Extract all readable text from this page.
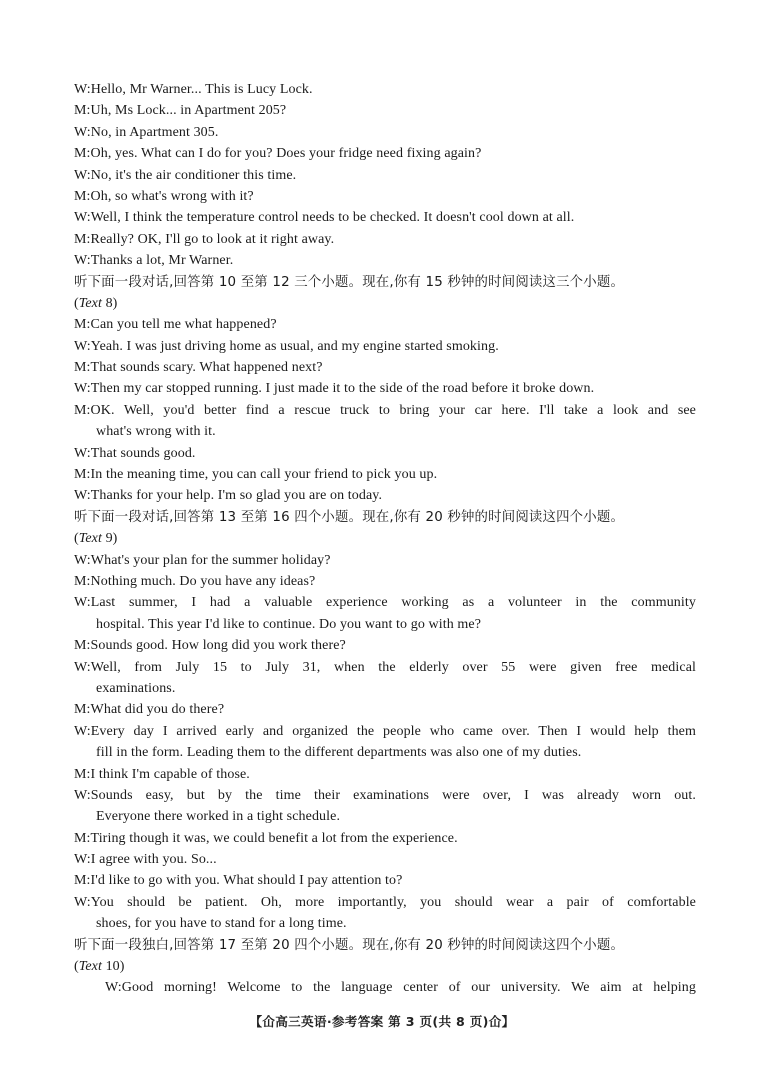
W:Hello, Mr Warner... This is Lucy Lock.
M:Uh, Ms Lock... in Apartment 205?
W:No, in Apartment 305.
M:Oh, yes. What can I do for you? Does your fridge need fixing again?
W:No, it's the air conditioner this time.
M:Oh, so what's wrong with it?
W:Well, I think the temperature control needs to be checked. It doesn't cool down at all.
M:Really? OK, I'll go to look at it right away.
W:Thanks a lot, Mr Warner.
听下面一段对话,回答第 10 至第 12 三个小题。现在,你有 15 秒钟的时间阅读这三个小题。
(Text 8)
M:Can you tell me what happened?
W:Yeah. I was just driving home as usual, and my engine started smoking.
M:That sounds scary. What happened next?
W:Then my car stopped running. I just made it to the side of the road before it broke down.
M:OK. Well, you'd better find a rescue truck to bring your car here. I'll take a look and see
what's wrong with it.
W:That sounds good.
M:In the meaning time, you can call your friend to pick you up.
W:Thanks for your help. I'm so glad you are on today.
听下面一段对话,回答第 13 至第 16 四个小题。现在,你有 20 秒钟的时间阅读这四个小题。
(Text 9)
W:What's your plan for the summer holiday?
M:Nothing much. Do you have any ideas?
W:Last summer, I had a valuable experience working as a volunteer in the community
hospital. This year I'd like to continue. Do you want to go with me?
M:Sounds good. How long did you work there?
W:Well, from July 15 to July 31, when the elderly over 55 were given free medical
examinations.
M:What did you do there?
W:Every day I arrived early and organized the people who came over. Then I would help them
fill in the form. Leading them to the different departments was also one of my duties.
M:I think I'm capable of those.
W:Sounds easy, but by the time their examinations were over, I was already worn out.
Everyone there worked in a tight schedule.
M:Tiring though it was, we could benefit a lot from the experience.
W:I agree with you. So...
M:I'd like to go with you. What should I pay attention to?
W:You should be patient. Oh, more importantly, you should wear a pair of comfortable
shoes, for you have to stand for a long time.
听下面一段独白,回答第 17 至第 20 四个小题。现在,你有 20 秒钟的时间阅读这四个小题。
(Text 10)
W:Good morning! Welcome to the language center of our university. We aim at helping
【仚高三英语·参考答案 第 3 页(共 8 页)仚】
